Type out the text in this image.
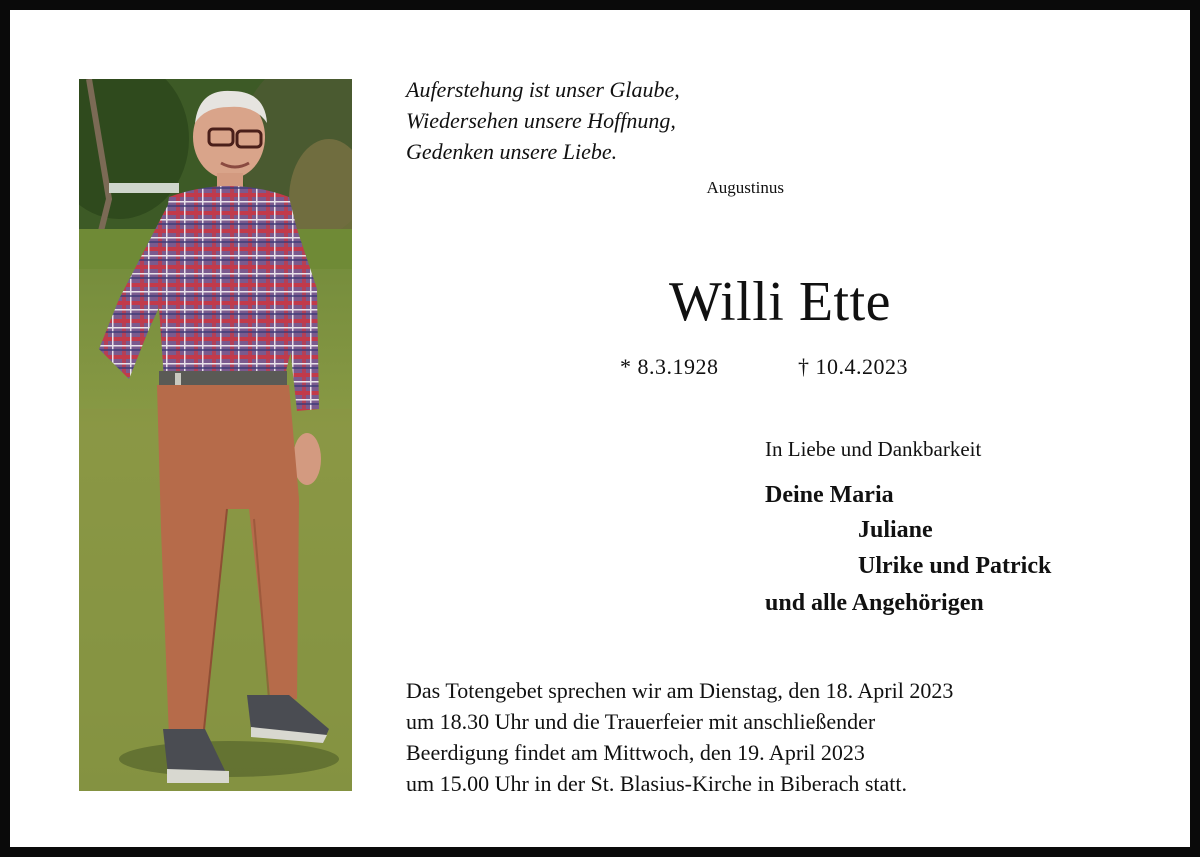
Auferstehung ist unser Glaube,
Wiedersehen unsere Hoffnung,
Gedenken unsere Liebe.
Augustinus
Willi Ette
* 8.3.1928	† 10.4.2023
In Liebe und Dankbarkeit
Deine Maria
Juliane
Ulrike und Patrick
und alle Angehörigen
Das Totengebet sprechen wir am Dienstag, den 18. April 2023
um 18.30 Uhr und die Trauerfeier mit anschließender
Beerdigung findet am Mittwoch, den 19. April 2023
um 15.00 Uhr in der St. Blasius-Kirche in Biberach statt.
